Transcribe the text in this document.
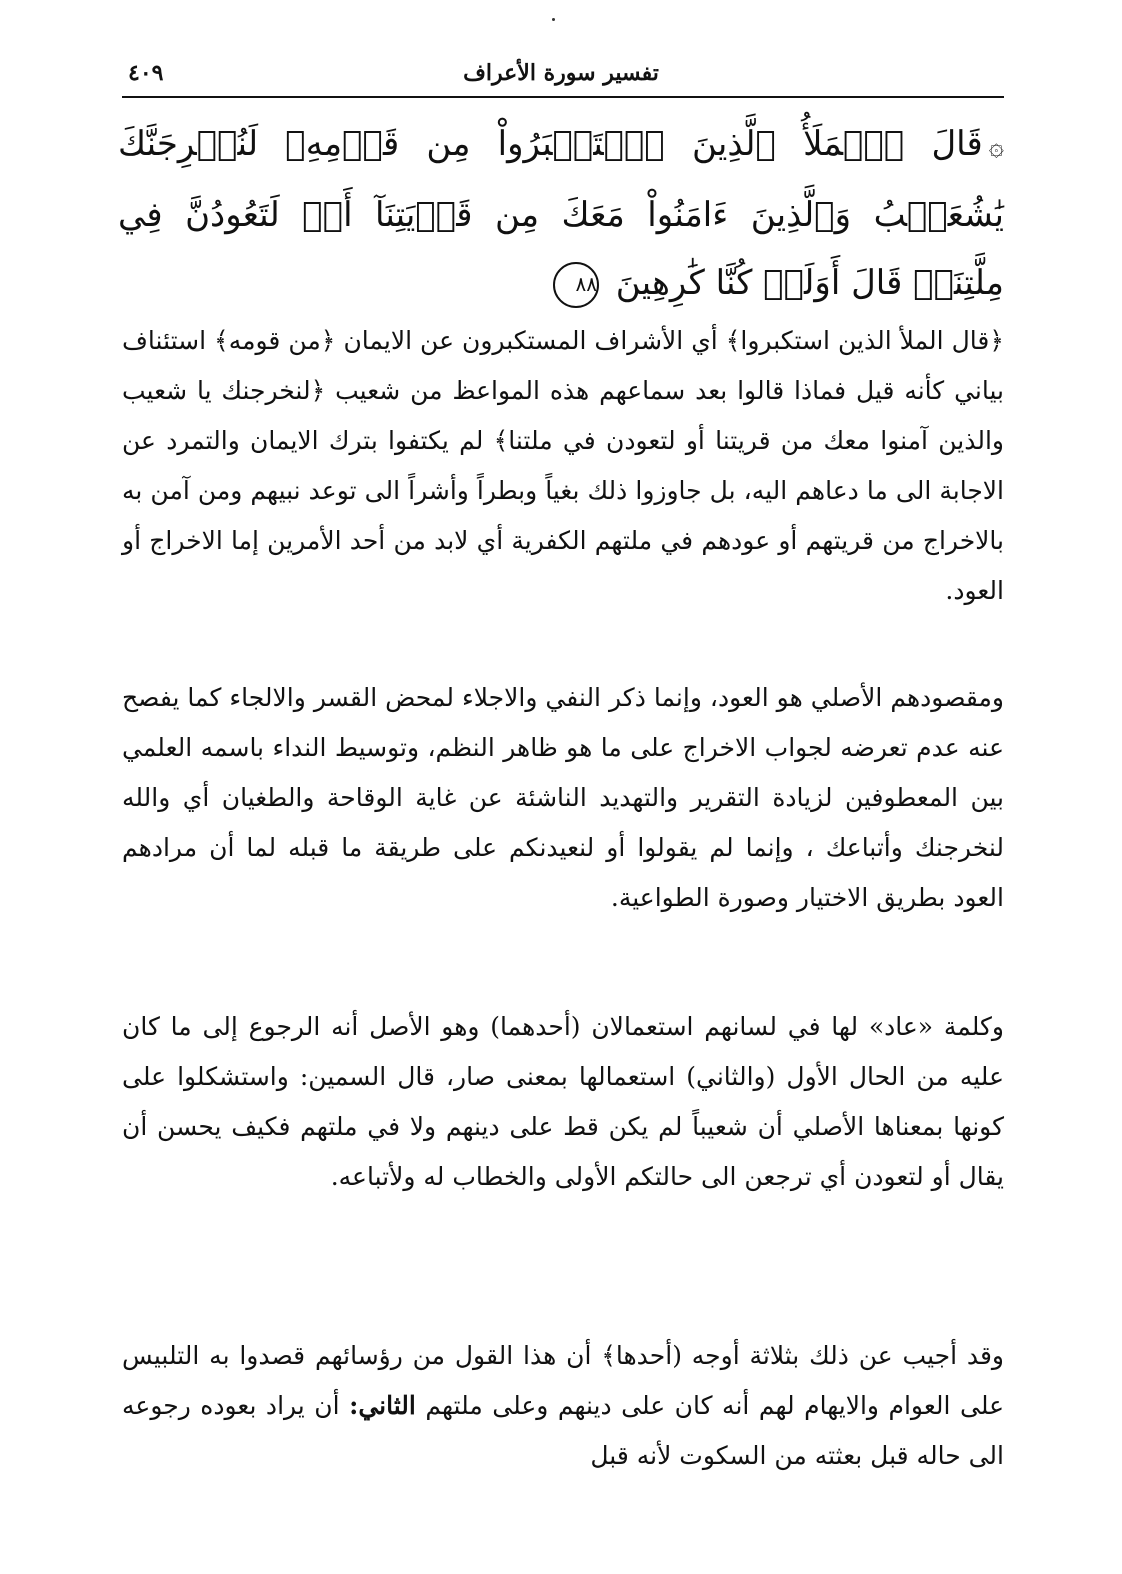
تفسير سورة الأعراف
٤٠٩
۞قَالَ ٱلۡمَلَأُ ٱلَّذِينَ ٱسۡتَكۡبَرُواْ مِن قَوۡمِهِۦ لَنُخۡرِجَنَّكَ يَٰشُعَيۡبُ وَٱلَّذِينَ ءَامَنُواْ مَعَكَ مِن قَرۡيَتِنَآ أَوۡ لَتَعُودُنَّ فِي مِلَّتِنَاۚ قَالَ أَوَلَوۡ كُنَّا كَٰرِهِينَ ٨٨

﴿قال الملأ الذين استكبروا﴾ أي الأشراف المستكبرون عن الايمان ﴿من قومه﴾ استئناف بياني كأنه قيل فماذا قالوا بعد سماعهم هذه المواعظ من شعيب ﴿لنخرجنك يا شعيب والذين آمنوا معك من قريتنا أو لتعودن في ملتنا﴾ لم يكتفوا بترك الايمان والتمرد عن الاجابة الى ما دعاهم اليه، بل جاوزوا ذلك بغياً وبطراً وأشراً الى توعد نبيهم ومن آمن به بالاخراج من قريتهم أو عودهم في ملتهم الكفرية أي لابد من أحد الأمرين إما الاخراج أو العود.

ومقصودهم الأصلي هو العود، وإنما ذكر النفي والاجلاء لمحض القسر والالجاء كما يفصح عنه عدم تعرضه لجواب الاخراج على ما هو ظاهر النظم، وتوسيط النداء باسمه العلمي بين المعطوفين لزيادة التقرير والتهديد الناشئة عن غاية الوقاحة والطغيان أي والله لنخرجنك وأتباعك ، وإنما لم يقولوا أو لنعيدنكم على طريقة ما قبله لما أن مرادهم العود بطريق الاختيار وصورة الطواعية.

وكلمة «عاد» لها في لسانهم استعمالان (أحدهما) وهو الأصل أنه الرجوع إلى ما كان عليه من الحال الأول (والثاني) استعمالها بمعنى صار، قال السمين: واستشكلوا على كونها بمعناها الأصلي أن شعيباً لم يكن قط على دينهم ولا في ملتهم فكيف يحسن أن يقال أو لتعودن أي ترجعن الى حالتكم الأولى والخطاب له ولأتباعه.

وقد أجيب عن ذلك بثلاثة أوجه (أحدها﴾ أن هذا القول من رؤسائهم قصدوا به التلبيس على العوام والايهام لهم أنه كان على دينهم وعلى ملتهم الثاني: أن يراد بعوده رجوعه الى حاله قبل بعثته من السكوت لأنه قبل
